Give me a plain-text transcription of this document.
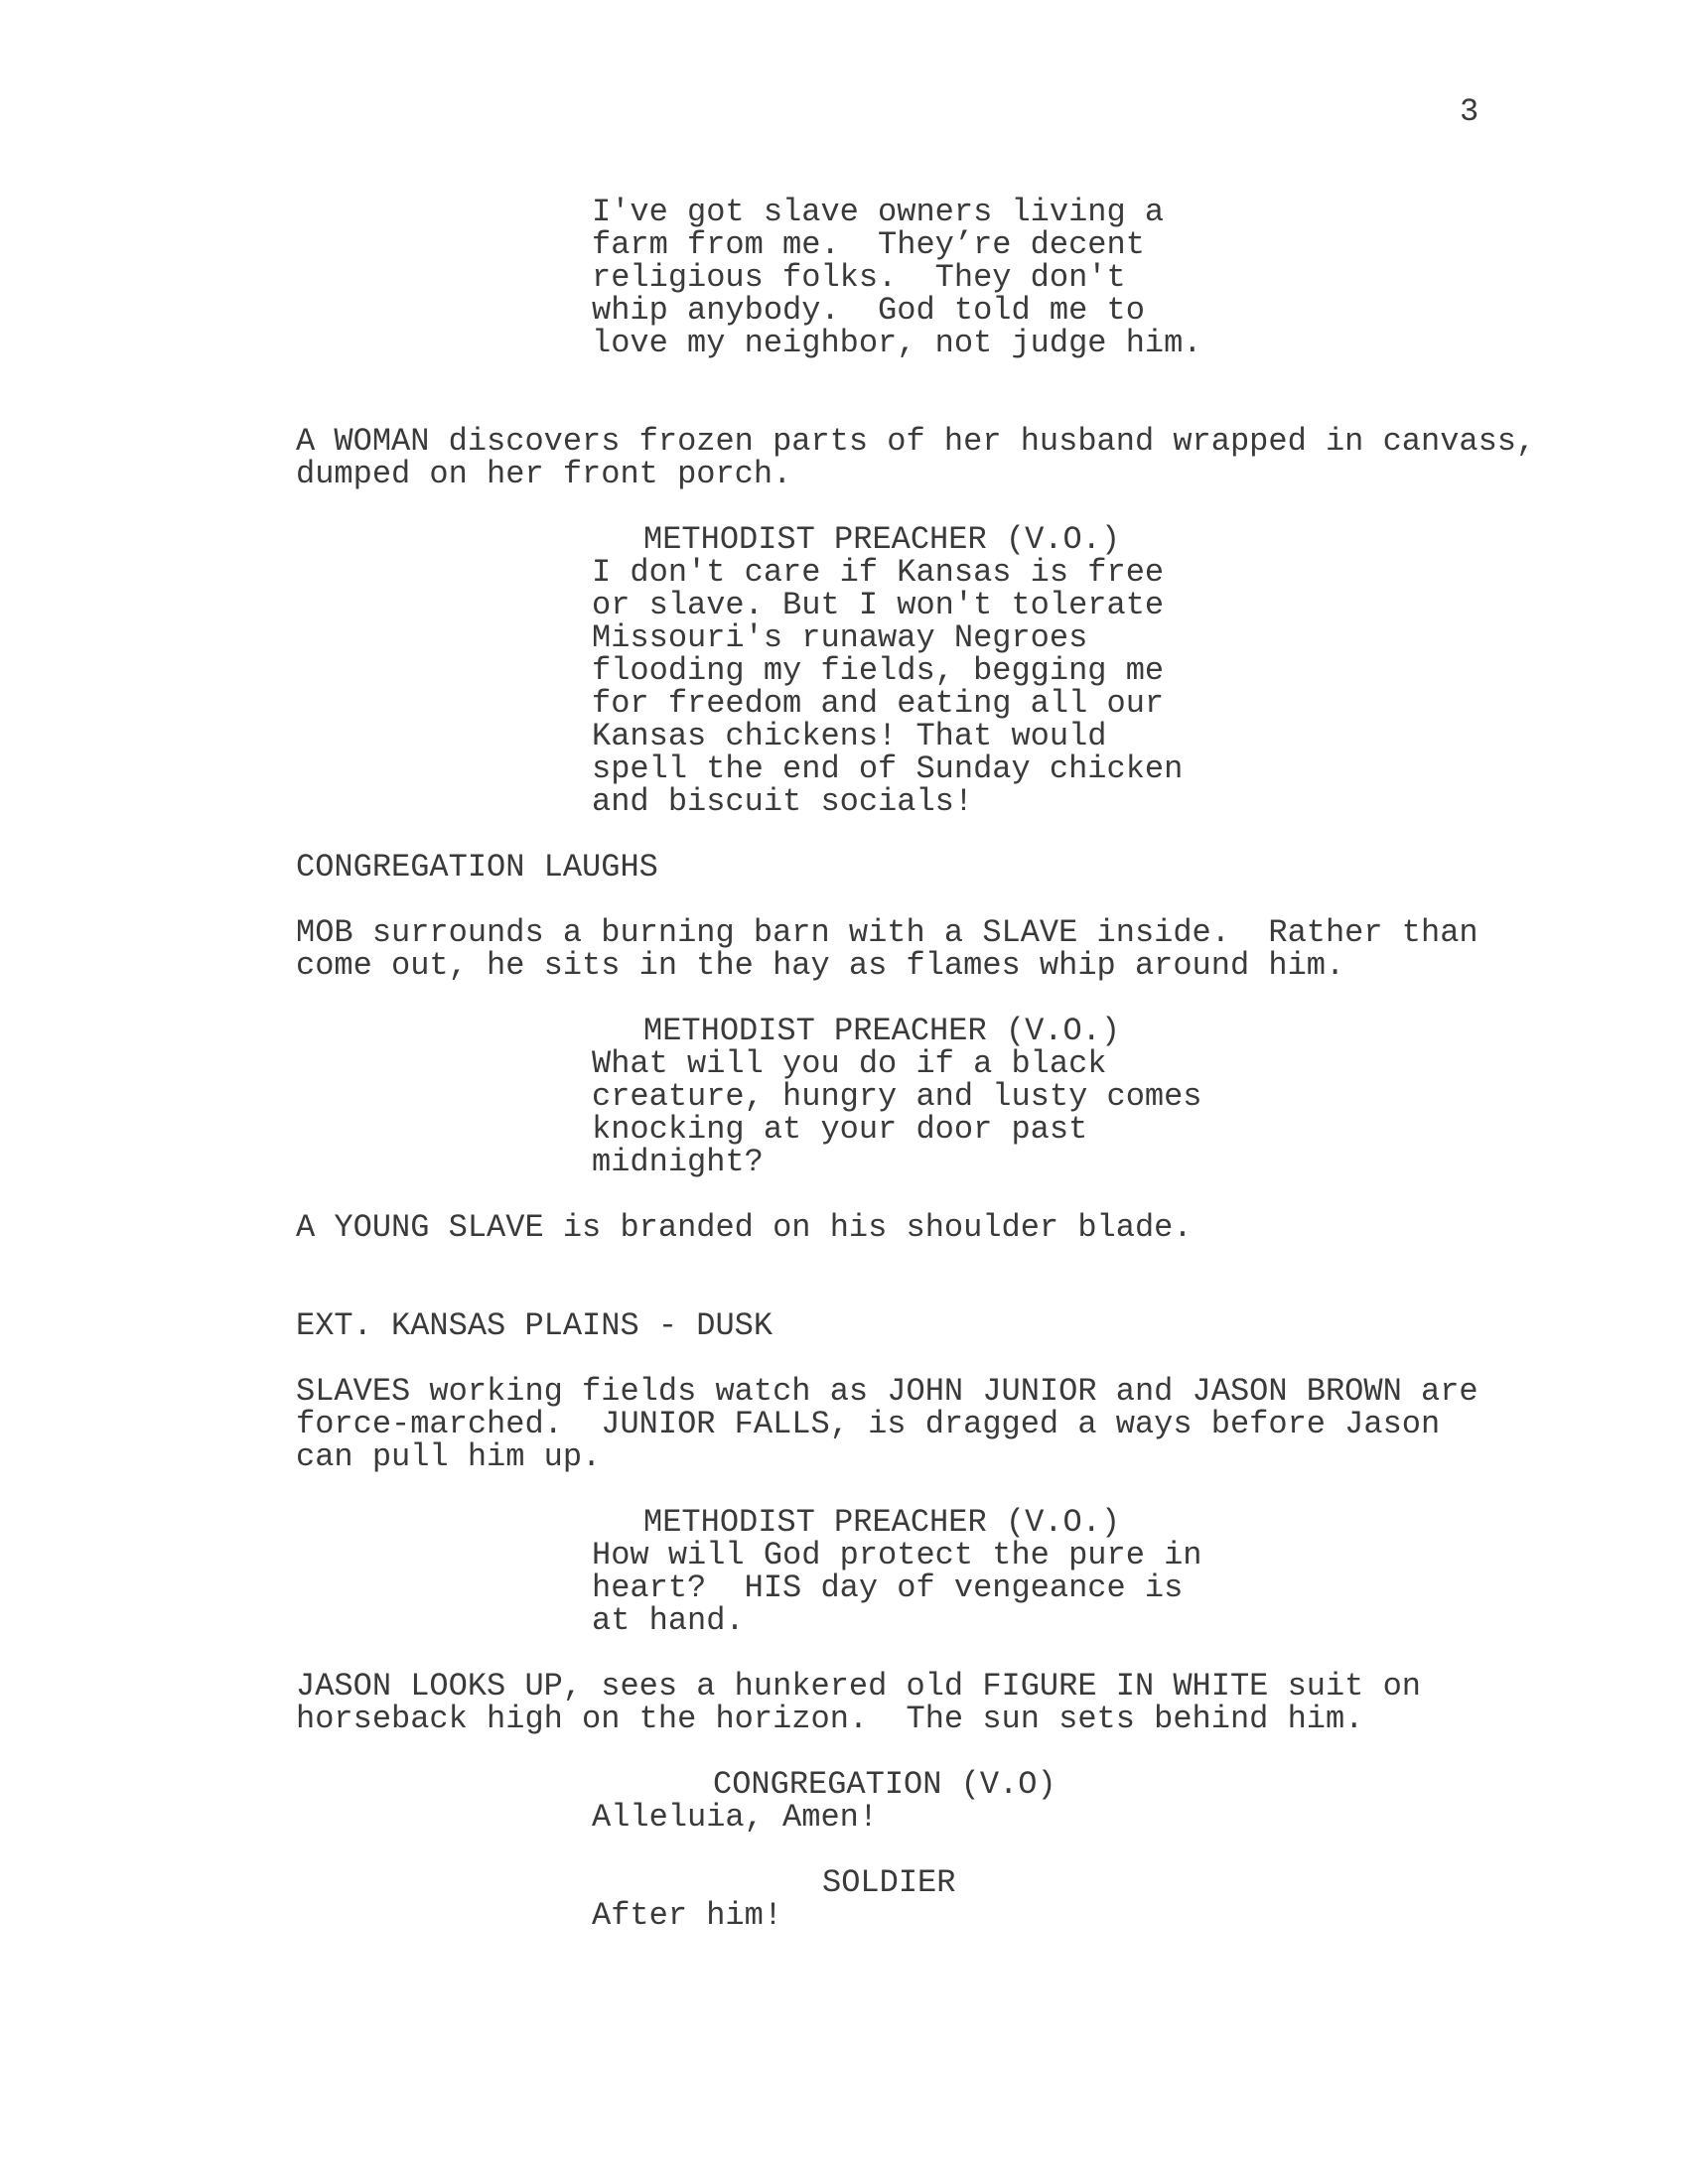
3

I've got slave owners living a
farm from me.  They’re decent
religious folks.  They don't
whip anybody.  God told me to
love my neighbor, not judge him.

A WOMAN discovers frozen parts of her husband wrapped in canvass,
dumped on her front porch.

METHODIST PREACHER (V.O.)

I don't care if Kansas is free
or slave. But I won't tolerate
Missouri's runaway Negroes
flooding my fields, begging me
for freedom and eating all our
Kansas chickens! That would
spell the end of Sunday chicken
and biscuit socials!

CONGREGATION LAUGHS

MOB surrounds a burning barn with a SLAVE inside.  Rather than
come out, he sits in the hay as flames whip around him.

METHODIST PREACHER (V.O.)

What will you do if a black
creature, hungry and lusty comes
knocking at your door past
midnight?

A YOUNG SLAVE is branded on his shoulder blade.

EXT. KANSAS PLAINS - DUSK

SLAVES working fields watch as JOHN JUNIOR and JASON BROWN are
force-marched.  JUNIOR FALLS, is dragged a ways before Jason
can pull him up.

METHODIST PREACHER (V.O.)

How will God protect the pure in
heart?  HIS day of vengeance is
at hand.

JASON LOOKS UP, sees a hunkered old FIGURE IN WHITE suit on
horseback high on the horizon.  The sun sets behind him.

CONGREGATION (V.O)

Alleluia, Amen!

SOLDIER

After him!
